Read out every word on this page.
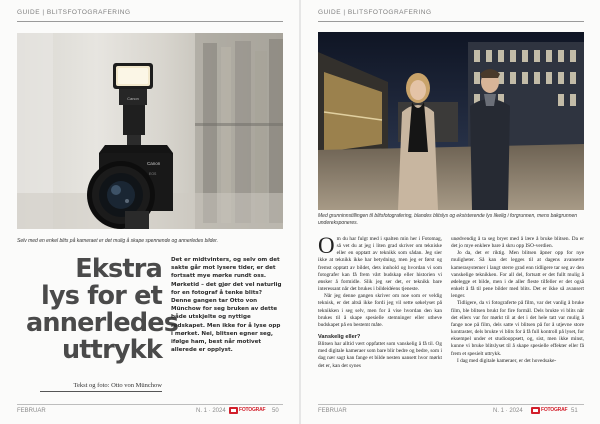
GUIDE | BLITSFOTOGRAFERING
Canon
Canon
EOS
Selv med en enkel blits på kameraet er det mulig å skape spennende og annerledes bilder.
Ekstra
lys for et
annerledes
uttrykk
Tekst og foto: Otto von Münchow
Det er midtvinters, og selv om det sakte går mot lysere tider, er det fortsatt mye mørke rundt oss. Mørketid – det gjør det vel naturlig for en fotograf å tenke blits? Denne gangen tar Otto von Münchow for seg bruken av dette både utskjelte og nyttige redskapet. Men ikke for å lyse opp i mørket. Nei, blitsen egner seg, ifølge ham, best når motivet allerede er opplyst.
FEBRUAR	N. 1 · 2024	FOTOGRAF 50
GUIDE | BLITSFOTOGRAFERING
Med grunninnstillingen til blitsfotografering, blandes blitslys og eksisterende lys likelig i forgrunnen, mens bakgrunnen undereksponeres.

Om du har fulgt med i spalten min her i Fotomag, så vet du at jeg i liten grad skriver om tekniske eller en opptatt av teknikk som sådan. Jeg sier ikke at teknikk ikke har betydning, men jeg er først og fremst opptatt av bildet, dets innhold og hvordan vi som fotografer kan få frem vårt budskap eller historien vi ønsker å formidle. Slik jeg ser det, er teknikk bare interessant når det brukes i bildeidéens tjeneste.

Når jeg denne gangen skriver om noe som er veldig teknisk, er det altså ikke fordi jeg vil sette søkelyset på teknikken i seg selv, men for å vise hvordan den kan brukes til å skape spesielle stemninger eller utheve budskapet på en bestemt måte.

Vanskelig eller?

Blitsen har alltid vært oppfattet som vanskelig å få til. Og med digitale kameraer som bare blir bedre og bedre, som i dag nær sagt kan fange et bilde nesten uansett hvor mørkt det er, kan det synes

unødvendig å ta seg bryet med å lære å bruke blitsen. Da er det jo mye enklere bare å skru opp ISO-verdien.

Jo da, det er riktig. Men blitsen åpner opp for nye muligheter. Så kan det legges til at dagens avanserte kamerasystemer i langt sterre grad enn tidligere tar seg av den vanskelige teknikken. For all del, fortsatt er det fullt mulig å ødelegge et bilde, men i de aller fleste tilfeller er det også enkelt å få til pene bilder med blits. Det er ikke så avansert lenger.

Tidligere, da vi fotograferte på film, var det vanlig å bruke film, ble blitsen brukt for fire formål. Dels brukte vi blits når det ellers var for mørkt til at det i det hele tatt var mulig å fange noe på film, dels satte vi blitsen på for å utjevne store kontraster, dels brukte vi blits for å få full kontroll på lyset, for eksempel under et studiooppsett, og, sist, men ikke minst, kunne vi bruke blitslyset til å skape spesielle effekter eller få frem et spesielt uttrykk.

I dag med digitale kameraer, er det hovedsake-

FEBRUAR	N. 1 · 2024	FOTOGRAF 51
